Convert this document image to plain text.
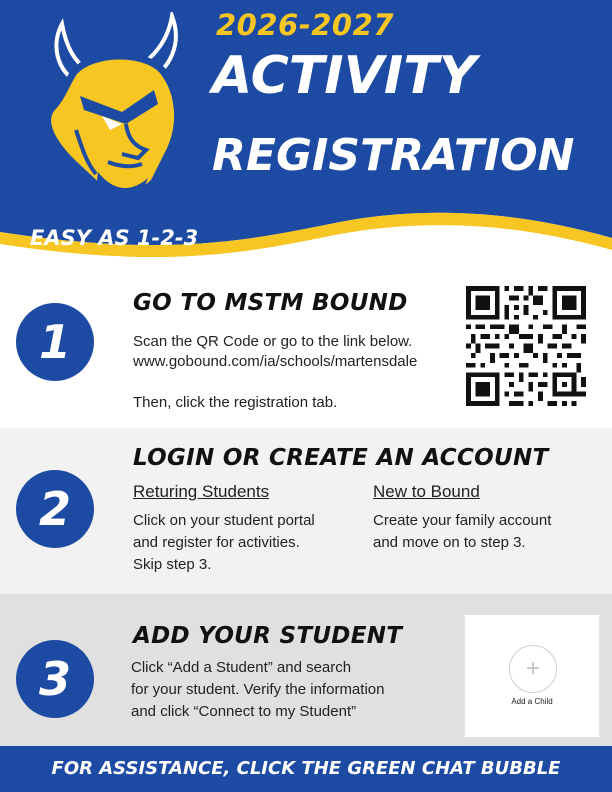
2026-2027
ACTIVITY
REGISTRATION
EASY AS 1-2-3
1
GO TO MSTM BOUND
Scan the QR Code or go to the link below.
www.gobound.com/ia/schools/martensdale
Then, click the registration tab.
2
LOGIN OR CREATE AN ACCOUNT
Returing Students
Click on your student portal
and register for activities.
Skip step 3.
New to Bound
Create your family account
and move on to step 3.
3
ADD YOUR STUDENT
Click “Add a Student” and search
for your student. Verify the information
and click “Connect to my Student”
+
Add a Child
FOR ASSISTANCE, CLICK THE GREEN CHAT BUBBLE
